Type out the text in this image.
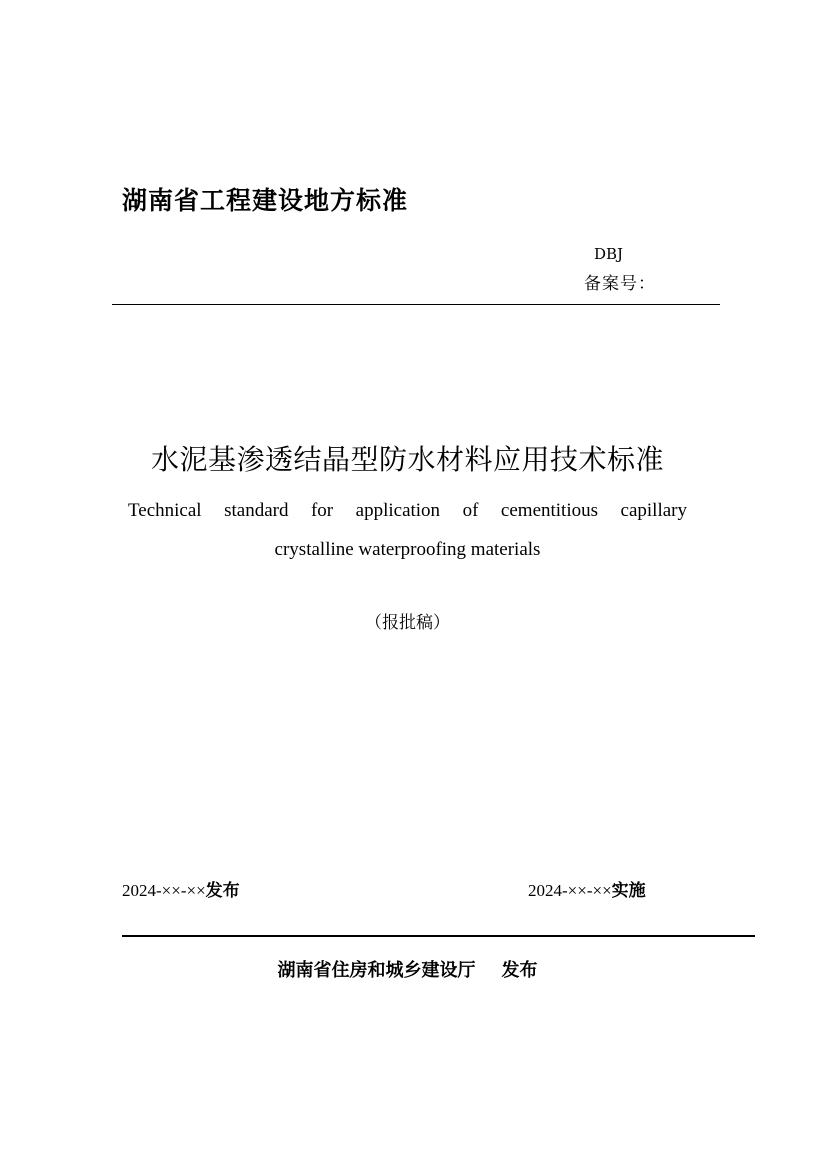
湖南省工程建设地方标准
DBJ
备案号：
水泥基渗透结晶型防水材料应用技术标准
Technical standard for application of cementitious capillary
crystalline waterproofing materials
（报批稿）
2024-××-××发布	2024-××-××实施
湖南省住房和城乡建设厅 发布
